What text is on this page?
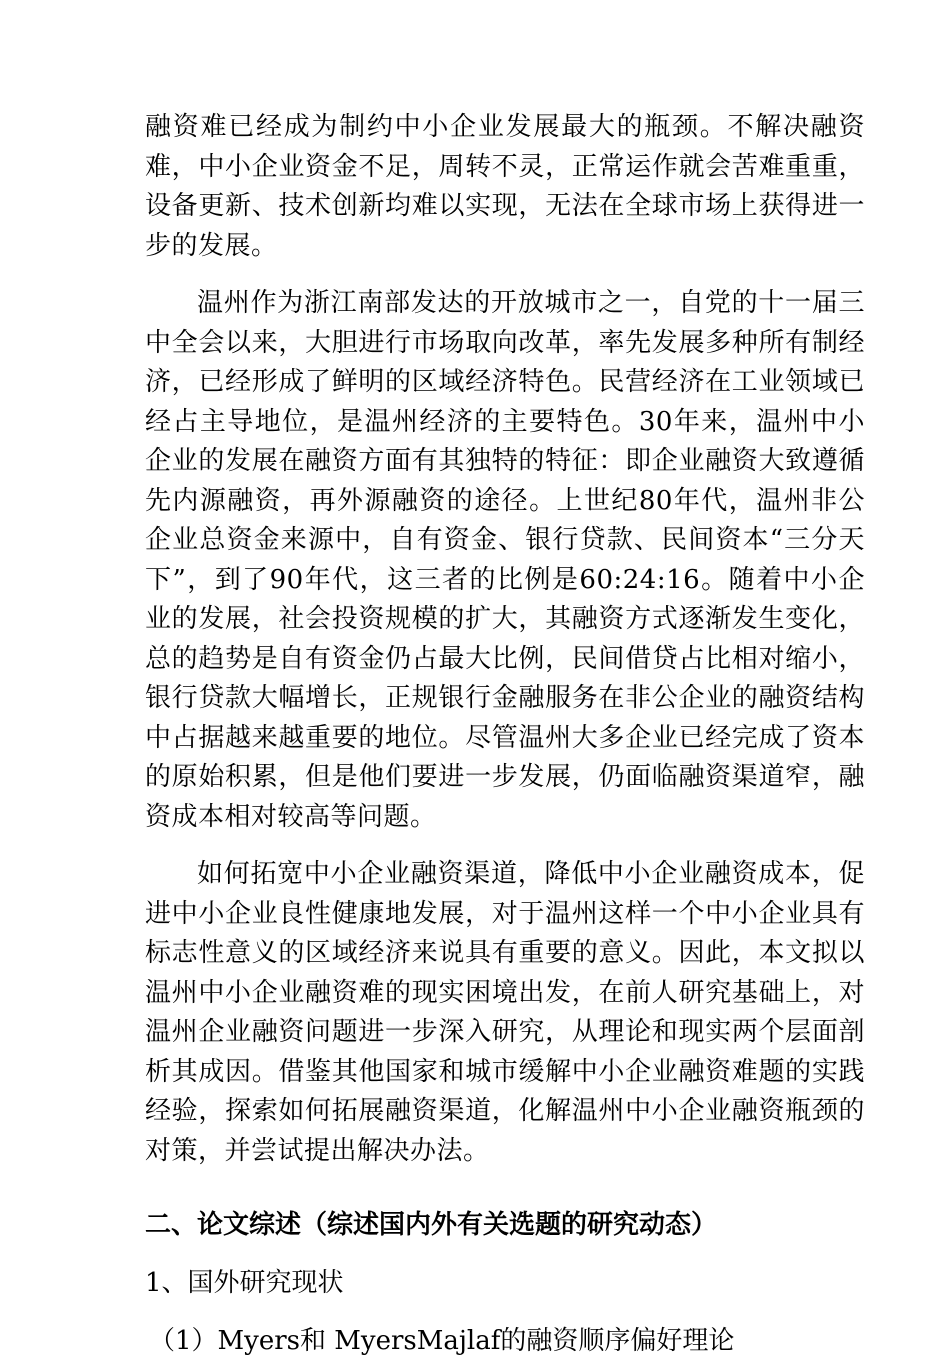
融资难已经成为制约中小企业发展最大的瓶颈。不解决融资难，中小企业资金不足，周转不灵，正常运作就会苦难重重，设备更新、技术创新均难以实现，无法在全球市场上获得进一步的发展。

温州作为浙江南部发达的开放城市之一，自党的十一届三中全会以来，大胆进行市场取向改革，率先发展多种所有制经济，已经形成了鲜明的区域经济特色。民营经济在工业领域已经占主导地位，是温州经济的主要特色。30年来，温州中小企业的发展在融资方面有其独特的特征：即企业融资大致遵循先内源融资，再外源融资的途径。上世纪80年代，温州非公企业总资金来源中，自有资金、银行贷款、民间资本“三分天下”，到了90年代，这三者的比例是60:24:16。随着中小企业的发展，社会投资规模的扩大，其融资方式逐渐发生变化，总的趋势是自有资金仍占最大比例，民间借贷占比相对缩小，银行贷款大幅增长，正规银行金融服务在非公企业的融资结构中占据越来越重要的地位。尽管温州大多企业已经完成了资本的原始积累，但是他们要进一步发展，仍面临融资渠道窄，融资成本相对较高等问题。

如何拓宽中小企业融资渠道，降低中小企业融资成本，促进中小企业良性健康地发展，对于温州这样一个中小企业具有标志性意义的区域经济来说具有重要的意义。因此，本文拟以温州中小企业融资难的现实困境出发，在前人研究基础上，对温州企业融资问题进一步深入研究，从理论和现实两个层面剖析其成因。借鉴其他国家和城市缓解中小企业融资难题的实践经验，探索如何拓展融资渠道，化解温州中小企业融资瓶颈的对策，并尝试提出解决办法。

二、论文综述（综述国内外有关选题的研究动态）
1、国外研究现状
（1）Myers和 MyersMajlaf的融资顺序偏好理论
